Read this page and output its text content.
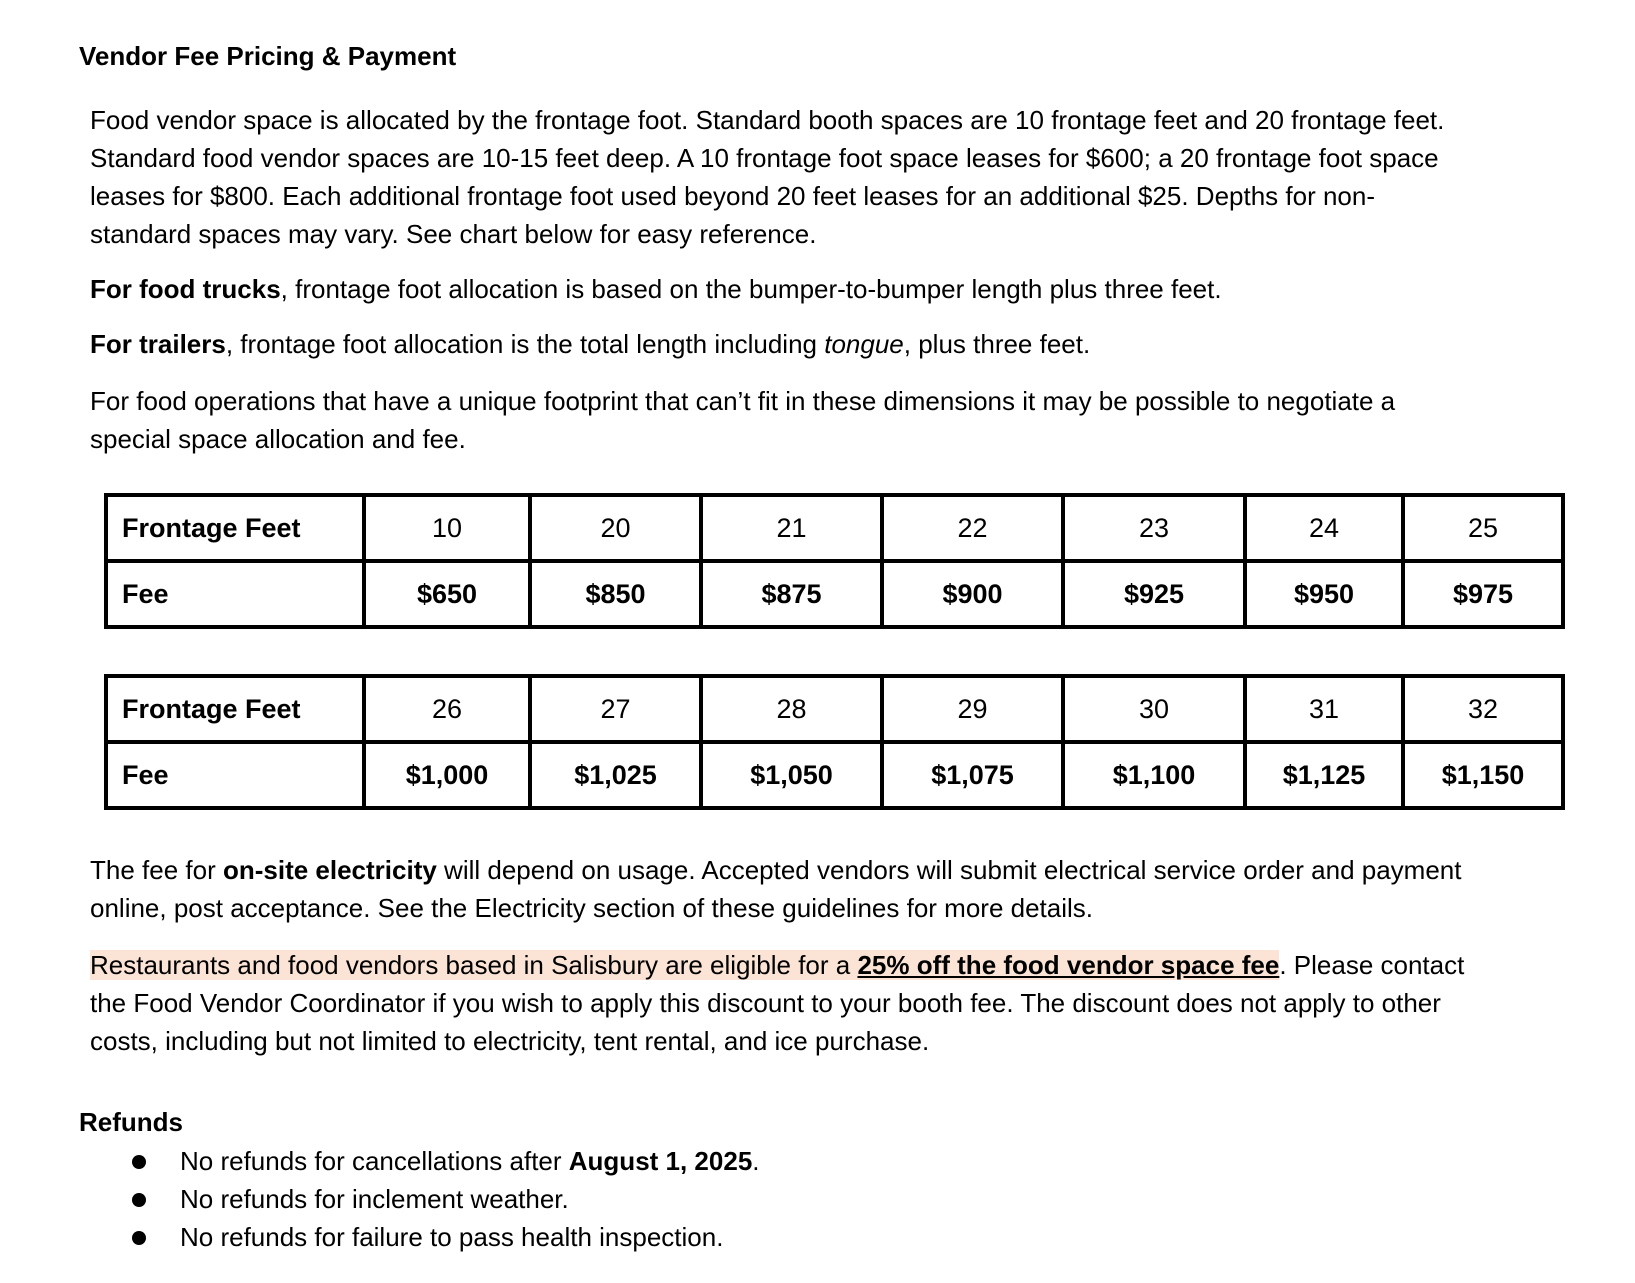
Vendor Fee Pricing & Payment
Food vendor space is allocated by the frontage foot. Standard booth spaces are 10 frontage feet and 20 frontage feet.
Standard food vendor spaces are 10-15 feet deep. A 10 frontage foot space leases for $600; a 20 frontage foot space
leases for $800. Each additional frontage foot used beyond 20 feet leases for an additional $25. Depths for non-
standard spaces may vary. See chart below for easy reference.
For food trucks, frontage foot allocation is based on the bumper-to-bumper length plus three feet.
For trailers, frontage foot allocation is the total length including tongue, plus three feet.
For food operations that have a unique footprint that can’t fit in these dimensions it may be possible to negotiate a
special space allocation and fee.
Frontage Feet	10	20	21	22	23	24	25
Fee	$650	$850	$875	$900	$925	$950	$975
Frontage Feet	26	27	28	29	30	31	32
Fee	$1,000	$1,025	$1,050	$1,075	$1,100	$1,125	$1,150
The fee for on-site electricity will depend on usage. Accepted vendors will submit electrical service order and payment
online, post acceptance. See the Electricity section of these guidelines for more details.
Restaurants and food vendors based in Salisbury are eligible for a 25% off the food vendor space fee. Please contact
the Food Vendor Coordinator if you wish to apply this discount to your booth fee. The discount does not apply to other
costs, including but not limited to electricity, tent rental, and ice purchase.
Refunds
No refunds for cancellations after August 1, 2025.
No refunds for inclement weather.
No refunds for failure to pass health inspection.
